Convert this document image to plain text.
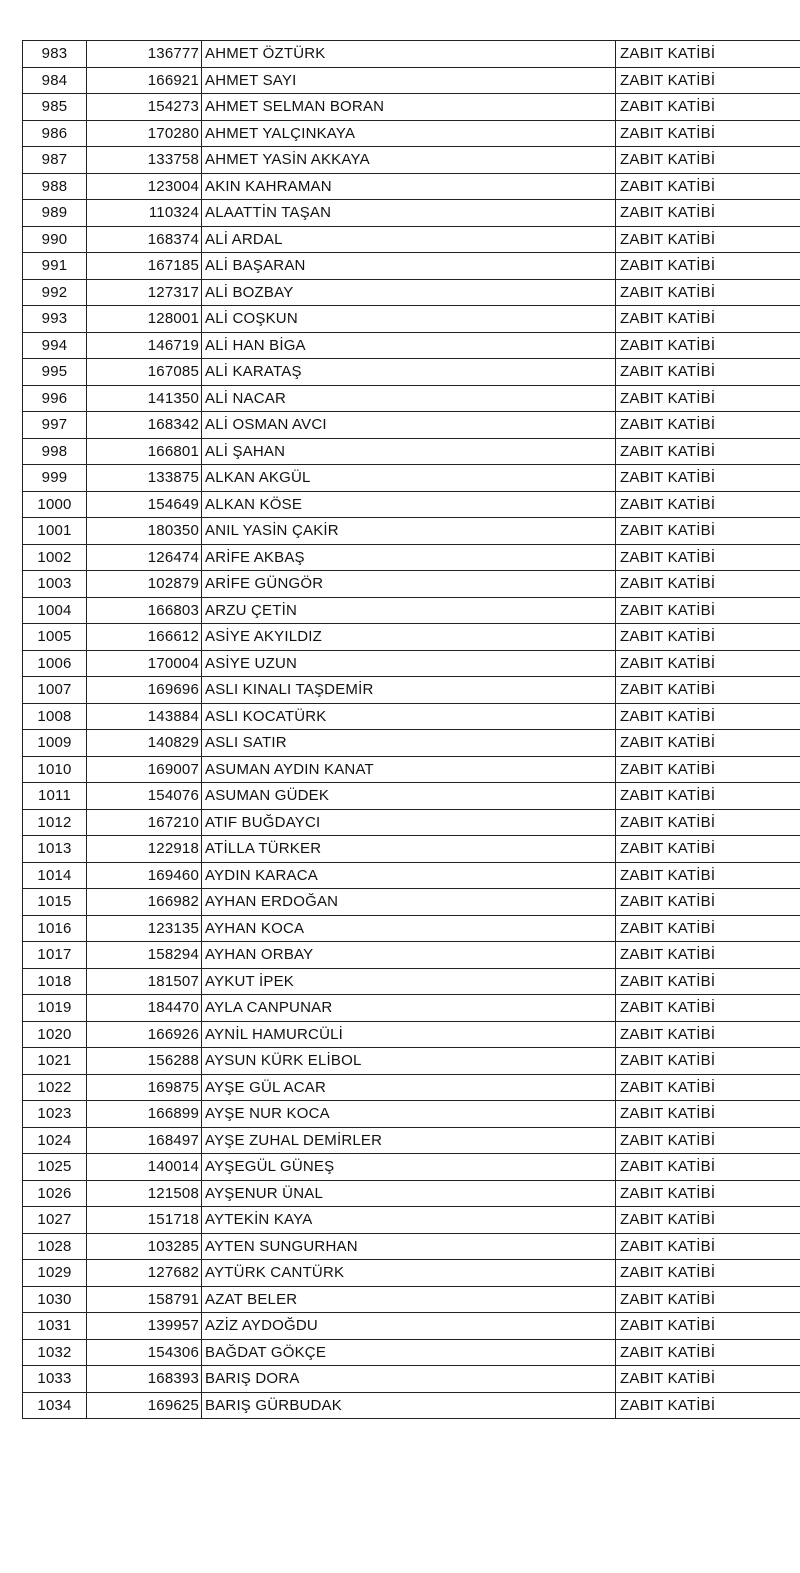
983	136777	AHMET ÖZTÜRK	ZABIT KATİBİ
984	166921	AHMET SAYI	ZABIT KATİBİ
985	154273	AHMET SELMAN BORAN	ZABIT KATİBİ
986	170280	AHMET YALÇINKAYA	ZABIT KATİBİ
987	133758	AHMET YASİN AKKAYA	ZABIT KATİBİ
988	123004	AKIN KAHRAMAN	ZABIT KATİBİ
989	110324	ALAATTİN TAŞAN	ZABIT KATİBİ
990	168374	ALİ ARDAL	ZABIT KATİBİ
991	167185	ALİ BAŞARAN	ZABIT KATİBİ
992	127317	ALİ BOZBAY	ZABIT KATİBİ
993	128001	ALİ COŞKUN	ZABIT KATİBİ
994	146719	ALİ HAN BİGA	ZABIT KATİBİ
995	167085	ALİ KARATAŞ	ZABIT KATİBİ
996	141350	ALİ NACAR	ZABIT KATİBİ
997	168342	ALİ OSMAN AVCI	ZABIT KATİBİ
998	166801	ALİ ŞAHAN	ZABIT KATİBİ
999	133875	ALKAN AKGÜL	ZABIT KATİBİ
1000	154649	ALKAN KÖSE	ZABIT KATİBİ
1001	180350	ANIL YASİN ÇAKİR	ZABIT KATİBİ
1002	126474	ARİFE AKBAŞ	ZABIT KATİBİ
1003	102879	ARİFE GÜNGÖR	ZABIT KATİBİ
1004	166803	ARZU ÇETİN	ZABIT KATİBİ
1005	166612	ASİYE AKYILDIZ	ZABIT KATİBİ
1006	170004	ASİYE UZUN	ZABIT KATİBİ
1007	169696	ASLI KINALI TAŞDEMİR	ZABIT KATİBİ
1008	143884	ASLI KOCATÜRK	ZABIT KATİBİ
1009	140829	ASLI SATIR	ZABIT KATİBİ
1010	169007	ASUMAN AYDIN KANAT	ZABIT KATİBİ
1011	154076	ASUMAN GÜDEK	ZABIT KATİBİ
1012	167210	ATIF BUĞDAYCI	ZABIT KATİBİ
1013	122918	ATİLLA TÜRKER	ZABIT KATİBİ
1014	169460	AYDIN KARACA	ZABIT KATİBİ
1015	166982	AYHAN ERDOĞAN	ZABIT KATİBİ
1016	123135	AYHAN KOCA	ZABIT KATİBİ
1017	158294	AYHAN ORBAY	ZABIT KATİBİ
1018	181507	AYKUT İPEK	ZABIT KATİBİ
1019	184470	AYLA CANPUNAR	ZABIT KATİBİ
1020	166926	AYNİL HAMURCÜLİ	ZABIT KATİBİ
1021	156288	AYSUN KÜRK ELİBOL	ZABIT KATİBİ
1022	169875	AYŞE GÜL ACAR	ZABIT KATİBİ
1023	166899	AYŞE NUR KOCA	ZABIT KATİBİ
1024	168497	AYŞE ZUHAL DEMİRLER	ZABIT KATİBİ
1025	140014	AYŞEGÜL GÜNEŞ	ZABIT KATİBİ
1026	121508	AYŞENUR ÜNAL	ZABIT KATİBİ
1027	151718	AYTEKİN KAYA	ZABIT KATİBİ
1028	103285	AYTEN SUNGURHAN	ZABIT KATİBİ
1029	127682	AYTÜRK CANTÜRK	ZABIT KATİBİ
1030	158791	AZAT BELER	ZABIT KATİBİ
1031	139957	AZİZ AYDOĞDU	ZABIT KATİBİ
1032	154306	BAĞDAT GÖKÇE	ZABIT KATİBİ
1033	168393	BARIŞ DORA	ZABIT KATİBİ
1034	169625	BARIŞ GÜRBUDAK	ZABIT KATİBİ
